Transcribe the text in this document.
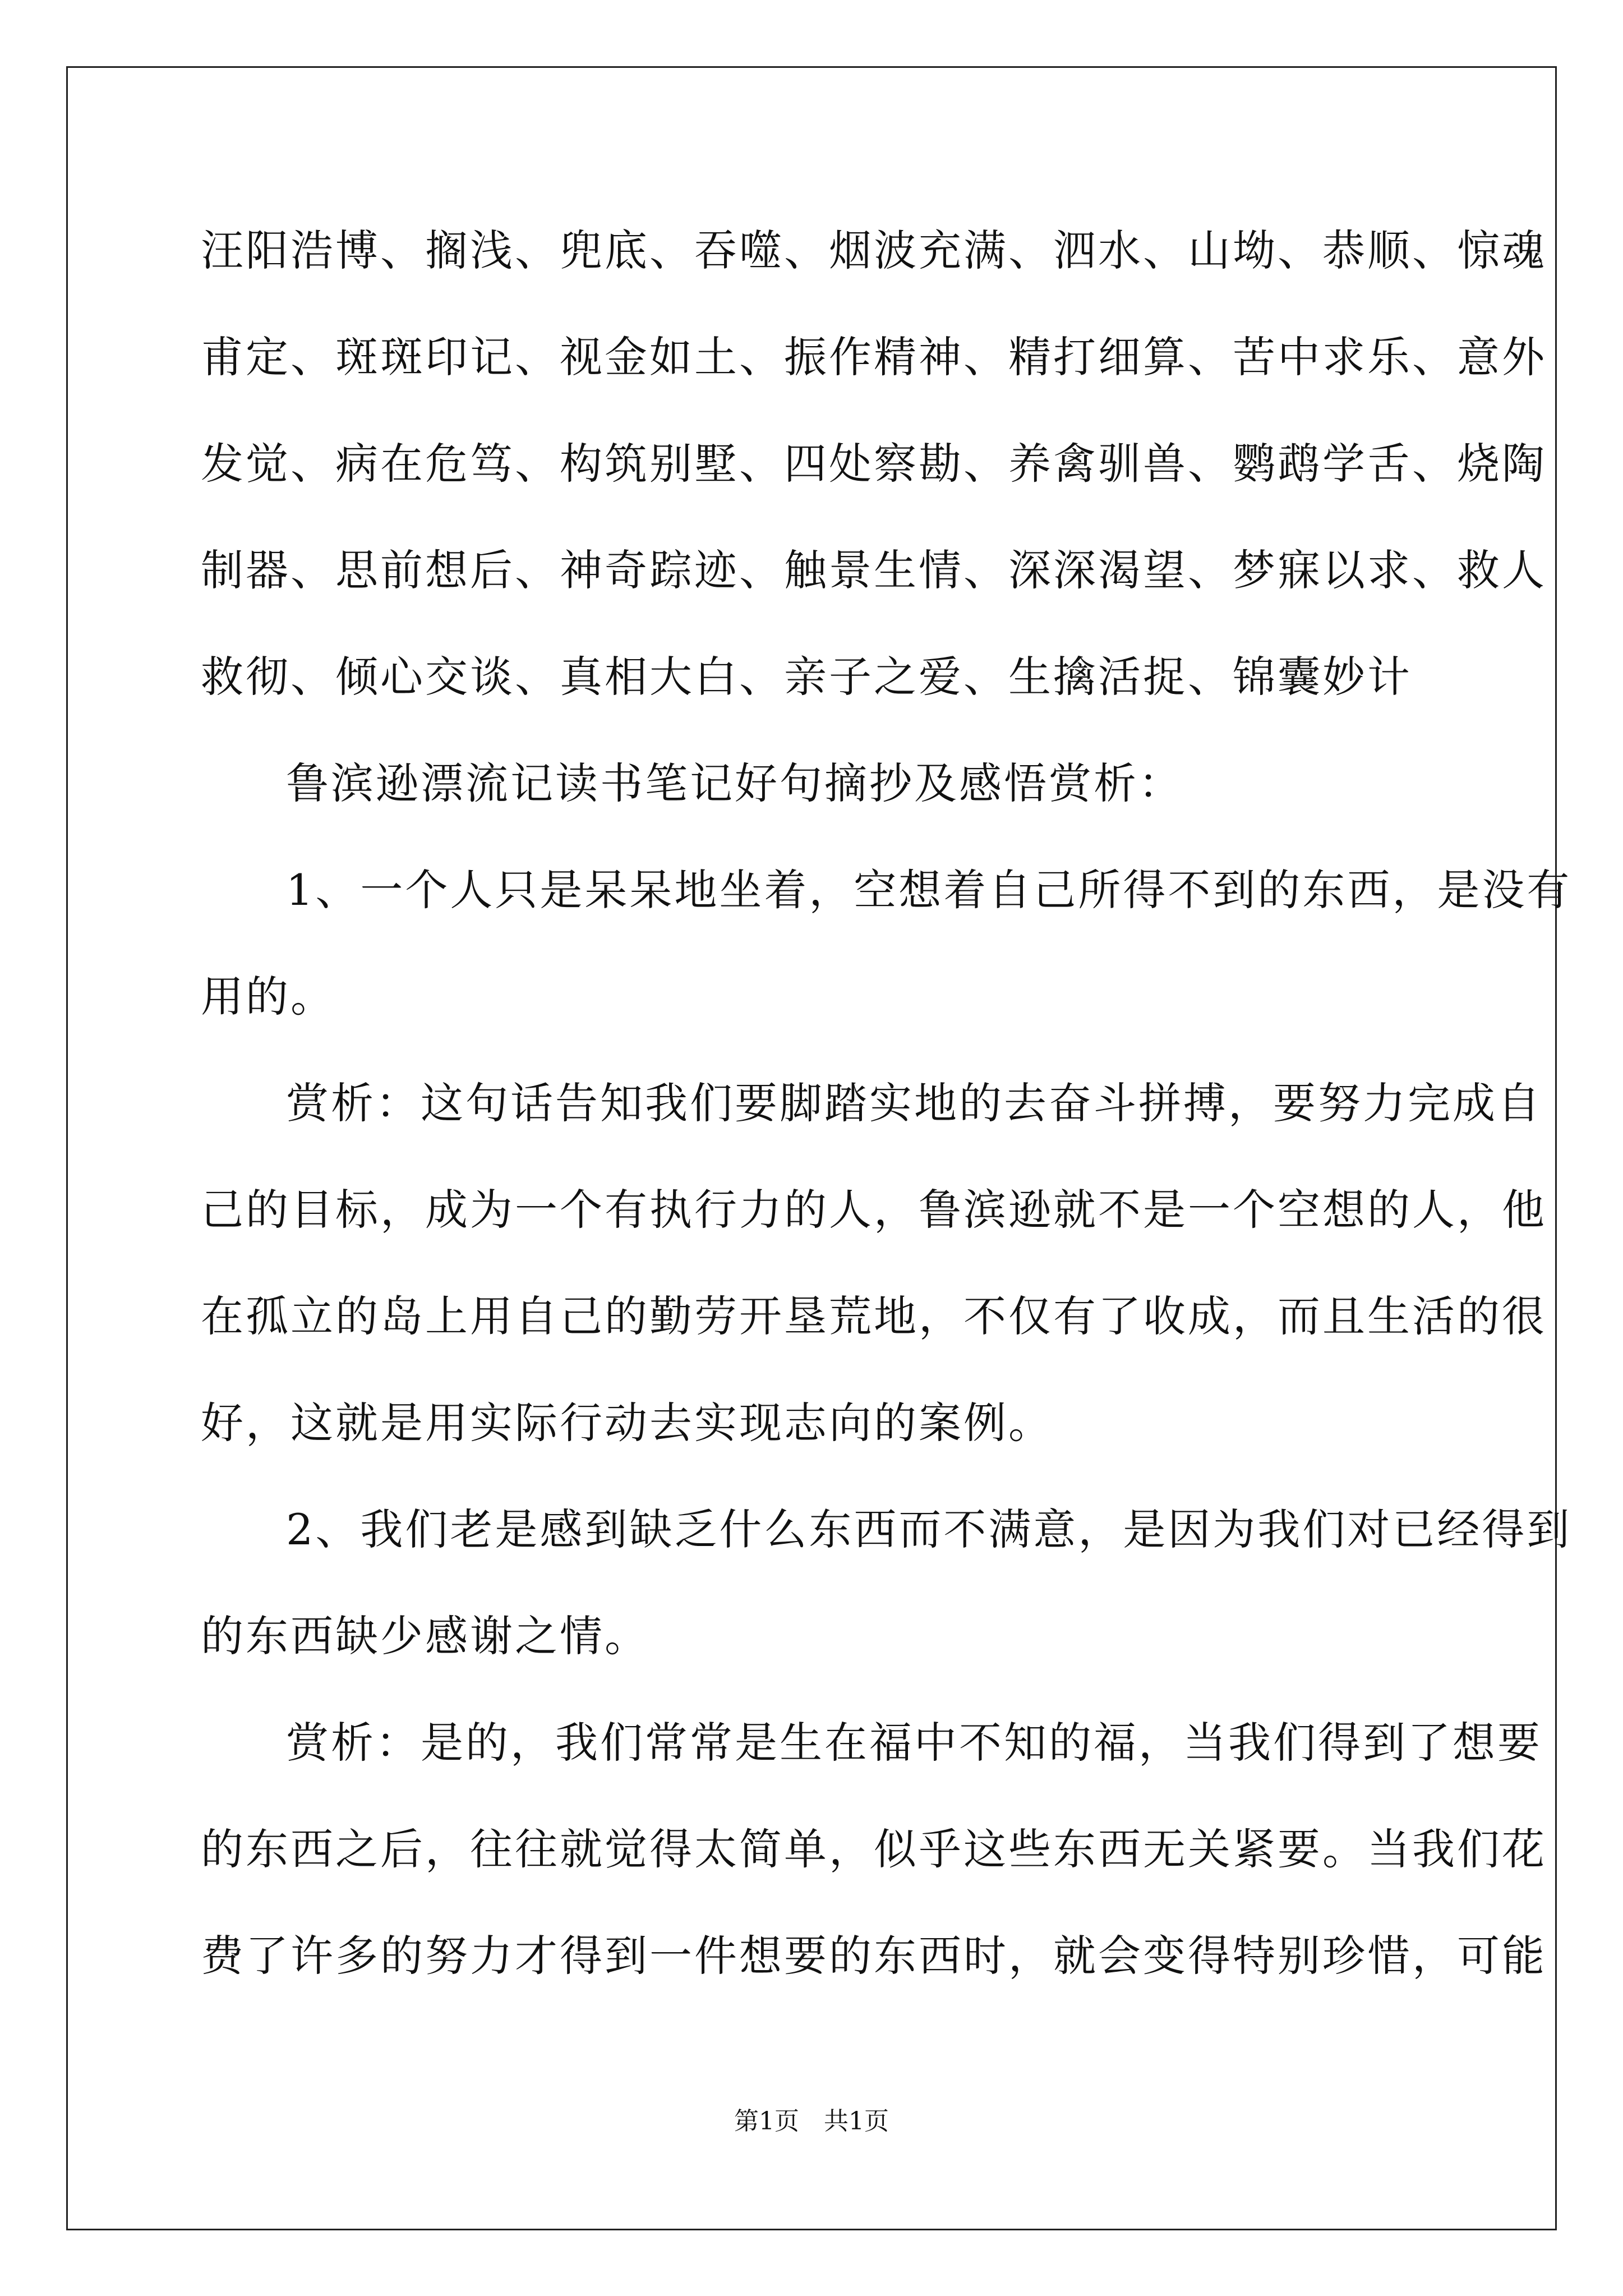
汪阳浩博、搁浅、兜底、吞噬、烟波充满、泗水、山坳、恭顺、惊魂
甫定、斑斑印记、视金如土、振作精神、精打细算、苦中求乐、意外
发觉、病在危笃、构筑别墅、四处察勘、养禽驯兽、鹦鹉学舌、烧陶
制器、思前想后、神奇踪迹、触景生情、深深渴望、梦寐以求、救人
救彻、倾心交谈、真相大白、亲子之爱、生擒活捉、锦囊妙计
鲁滨逊漂流记读书笔记好句摘抄及感悟赏析：
1、一个人只是呆呆地坐着，空想着自己所得不到的东西，是没有
用的。
赏析：这句话告知我们要脚踏实地的去奋斗拼搏，要努力完成自
己的目标，成为一个有执行力的人，鲁滨逊就不是一个空想的人，他
在孤立的岛上用自己的勤劳开垦荒地，不仅有了收成，而且生活的很
好，这就是用实际行动去实现志向的案例。
2、我们老是感到缺乏什么东西而不满意，是因为我们对已经得到
的东西缺少感谢之情。
赏析：是的，我们常常是生在福中不知的福，当我们得到了想要
的东西之后，往往就觉得太简单，似乎这些东西无关紧要。当我们花
费了许多的努力才得到一件想要的东西时，就会变得特别珍惜，可能
第1页　共1页
